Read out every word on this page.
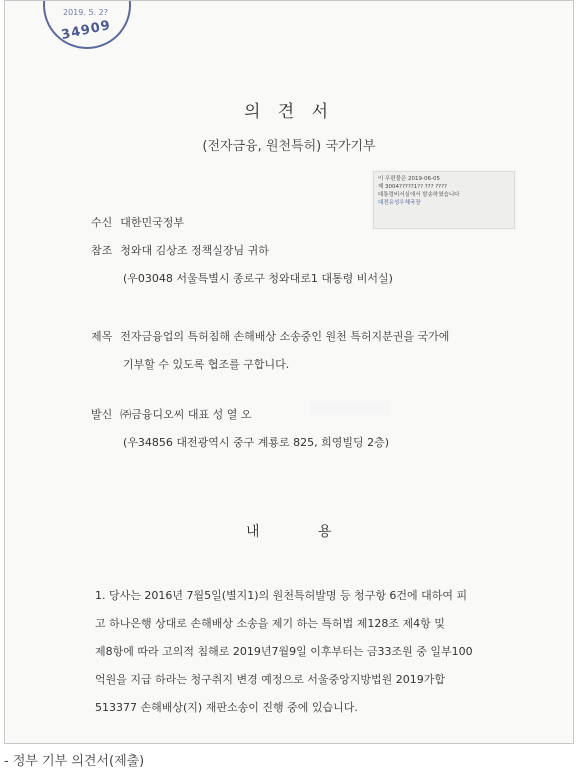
2019. 5. 2?
34909
의 견 서
(전자금융, 원천특허) 국가기부
이 우편물은 2019-06-05
제 3004?????1?? ??? ????
대통령비서실에서 발송하였습니다
대전유성우체국장
수신 대한민국정부
참조 청와대 김상조 정책실장님 귀하
(우03048 서울특별시 종로구 청와대로1 대통령 비서실)
제목 전자금융업의 특허침해 손해배상 소송중인 원천 특허지분권을 국가에
기부할 수 있도록 협조를 구합니다.
발신 ㈜금융디오씨 대표 성 열 오
(우34856 대전광역시 중구 계룡로 825, 희영빌딩 2층)
내	용
1. 당사는 2016년 7월5일(별지1)의 원천특허발명 등 청구항 6건에 대하여 피
고 하나은행 상대로 손해배상 소송을 제기 하는 특허법 제128조 제4항 및
제8항에 따라 고의적 침해로 2019년7월9일 이후부터는 금33조원 중 일부100
억원을 지급 하라는 청구취지 변경 예정으로 서울중앙지방법원 2019가합
513377 손해배상(지) 재판소송이 진행 중에 있습니다.
- 정부 기부 의견서(제출)
